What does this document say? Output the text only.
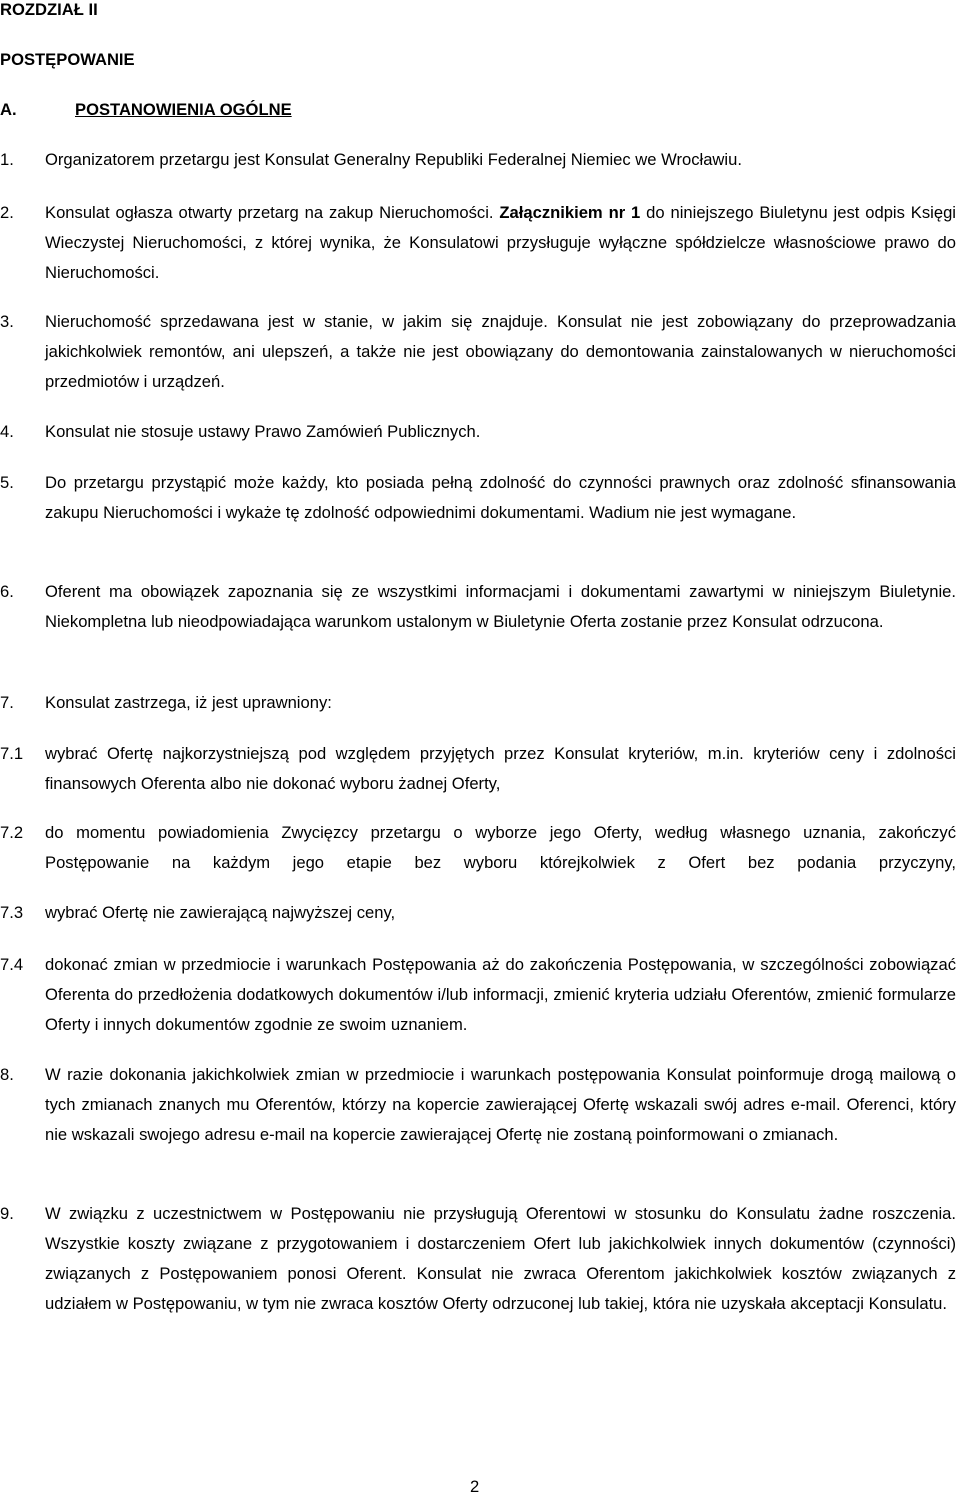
ROZDZIAŁ II
POSTĘPOWANIE
A.	POSTANOWIENIA OGÓLNE
1. Organizatorem przetargu jest Konsulat Generalny Republiki Federalnej Niemiec we Wrocławiu.
2. Konsulat ogłasza otwarty przetarg na zakup Nieruchomości. Załącznikiem nr 1 do niniejszego Biuletynu jest odpis Księgi Wieczystej Nieruchomości, z której wynika, że Konsulatowi przysługuje wyłączne spółdzielcze własnościowe prawo do Nieruchomości.
3. Nieruchomość sprzedawana jest w stanie, w jakim się znajduje. Konsulat nie jest zobowiązany do przeprowadzania jakichkolwiek remontów, ani ulepszeń, a także nie jest obowiązany do demontowania zainstalowanych w nieruchomości przedmiotów i urządzeń.
4. Konsulat nie stosuje ustawy Prawo Zamówień Publicznych.
5. Do przetargu przystąpić może każdy, kto posiada pełną zdolność do czynności prawnych oraz zdolność sfinansowania zakupu Nieruchomości i wykaże tę zdolność odpowiednimi dokumentami. Wadium nie jest wymagane.
6. Oferent ma obowiązek zapoznania się ze wszystkimi informacjami i dokumentami zawartymi w niniejszym Biuletynie. Niekompletna lub nieodpowiadająca warunkom ustalonym w Biuletynie Oferta zostanie przez Konsulat odrzucona.
7. Konsulat zastrzega, iż jest uprawniony:
7.1 wybrać Ofertę najkorzystniejszą pod względem przyjętych przez Konsulat kryteriów, m.in. kryteriów ceny i zdolności finansowych Oferenta albo nie dokonać wyboru żadnej Oferty,
7.2 do momentu powiadomienia Zwycięzcy przetargu o wyborze jego Oferty, według własnego uznania, zakończyć Postępowanie na każdym jego etapie bez wyboru którejkolwiek z Ofert bez podania przyczyny,
7.3 wybrać Ofertę nie zawierającą najwyższej ceny,
7.4 dokonać zmian w przedmiocie i warunkach Postępowania aż do zakończenia Postępowania, w szczególności zobowiązać Oferenta do przedłożenia dodatkowych dokumentów i/lub informacji, zmienić kryteria udziału Oferentów, zmienić formularze Oferty i innych dokumentów zgodnie ze swoim uznaniem.
8. W razie dokonania jakichkolwiek zmian w przedmiocie i warunkach postępowania Konsulat poinformuje drogą mailową o tych zmianach znanych mu Oferentów, którzy na kopercie zawierającej Ofertę wskazali swój adres e-mail. Oferenci, który nie wskazali swojego adresu e-mail na kopercie zawierającej Ofertę nie zostaną poinformowani o zmianach.
9. W związku z uczestnictwem w Postępowaniu nie przysługują Oferentowi w stosunku do Konsulatu żadne roszczenia. Wszystkie koszty związane z przygotowaniem i dostarczeniem Ofert lub jakichkolwiek innych dokumentów (czynności) związanych z Postępowaniem ponosi Oferent. Konsulat nie zwraca Oferentom jakichkolwiek kosztów związanych z udziałem w Postępowaniu, w tym nie zwraca kosztów Oferty odrzuconej lub takiej, która nie uzyskała akceptacji Konsulatu.
2
